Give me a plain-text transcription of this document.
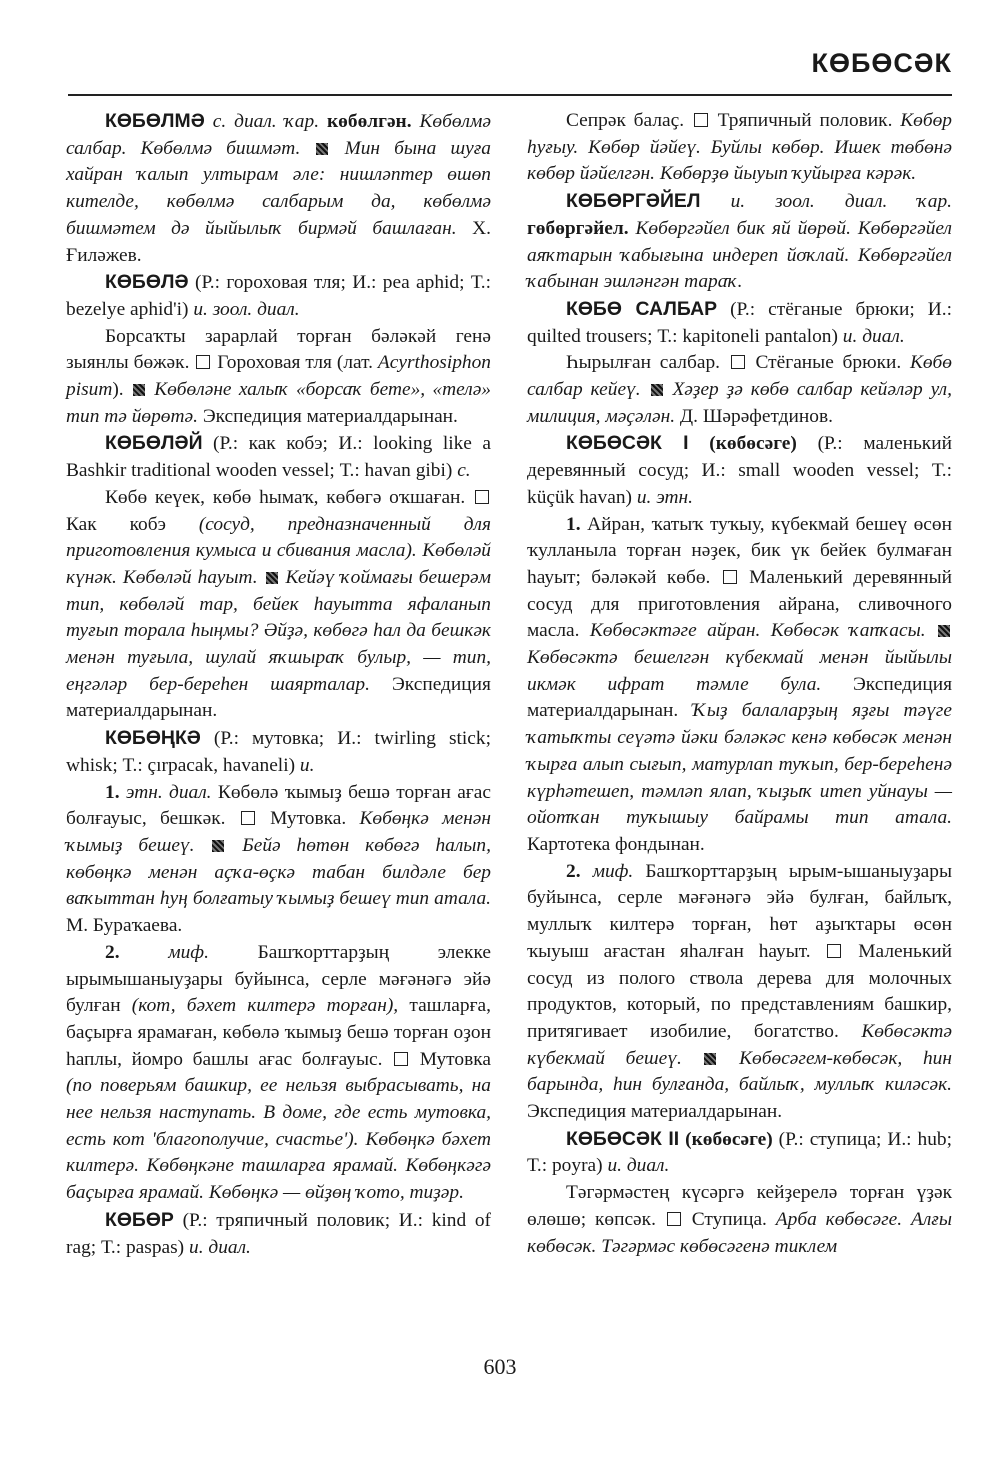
КӨБӨСӘК

КӨБӨЛМӘ с. диал. ҡар. көбөлгән. Көбөлмә салбар. Көбөлмә бишмәт. Мин бына шуға хайран ҡалып ултырам әле: нишләптер өшөп кителде, көбөлмә салбарым да, көбөлмә бишмәтем дә йыйылыҡ бирмәй башлаған. Х. Ғиләжев.

КӨБӨЛӘ (Р.: гороховая тля; И.: pea aphid; Т.: bezelye aphid'i) и. зоол. диал.

Борсаҡты зарарлай торған бәләкәй генә зыянлы бөжәк. Гороховая тля (лат. Acyrthosiphon pisum). Көбөләне халыҡ «борсаҡ бете», «телә» тип тә йөрөтә. Экспедиция материалдарынан.

КӨБӨЛӘЙ (Р.: как кобэ; И.: looking like a Bashkir traditional wooden vessel; Т.: havan gibi) с.

Көбө кеүек, көбө һымаҡ, көбөгә оҡшаған.  Как кобэ (сосуд, предназначенный для приготовления кумыса и сбивания масла). Көбөләй күнәк. Көбөләй һауыт. Кейәү ҡоймағы бешерәм тип, көбөләй тар, бейек һауытта яфаланып туғып торала һыңмы? Әйҙә, көбөгә һал да бешкәк менән туғыла, шулай яҡшыраҡ булыр, — тип, еңгәләр бер-береһен шаярталар. Экспедиция материалдарынан.

КӨБӨҢКӘ (Р.: мутовка; И.: twirling stick; whisk; Т.: çırpacak, havaneli) и.

1. этн. диал. Көбөлә ҡымыҙ бешә торған ағас болғауыс, бешкәк. Мутовка. Көбөңкә менән ҡымыҙ бешеү. Бейә һөтөн көбөгә һалып, көбөңкә менән аҫҡа-өҫкә табан билдәле бер ваҡыттан һуң болғатыу ҡымыҙ бешеү тип атала. М. Бураҡаева.

2.	миф.	Башҡорттарҙың элекке ырымышаныуҙары буйынса, серле мәғәнәгә эйә булған (кот, бәхет килтерә торған), ташларға, баҫырға ярамаған, көбөлә ҡымыҙ бешә торған оҙон һаплы, йомро башлы ағас болғауыс. Мутовка (по поверьям башкир, ее нельзя выбрасывать, на нее нельзя наступать. В доме, где есть мутовка, есть кот 'благополучие, счастье'). Көбөңкә бәхет килтерә. Көбөңкәне ташларға ярамай. Көбөңкәгә баҫырға ярамай. Көбөңкә — өйҙөң ҡото, тиҙәр.

КӨБӨР (Р.: тряпичный половик; И.: kind of rag; Т.: paspas) и. диал.

Сепрәк балаҫ. Тряпичный половик. Көбөр һуғыу. Көбөр йәйеү. Буйлы көбөр. Ишек төбөнә көбөр йәйелгән. Көбөрҙө йыуып ҡуйырға кәрәк.

КӨБӨРГӘЙЕЛ и. зоол. диал. ҡар. гөбөргәйел. Көбөргәйел бик яй йөрөй. Көбөргәйел аяҡтарын ҡабығына индереп йоҡлай. Көбөргәйел ҡабынан эшләнгән тараҡ.

КӨБӨ САЛБАР (Р.: стёганые брюки; И.: quilted trousers; Т.: kapitoneli pantalon) и. диал.

Һырылған салбар. Стёганые брюки. Көбө салбар кейеү. Хәҙер ҙә көбө салбар кейәләр ул, милиция, мәҫәлән. Д. Шәрәфетдинов.

КӨБӨСӘК I (көбөсәге) (Р.: маленький деревянный сосуд; И.: small wooden vessel; Т.: küçük havan) и. этн.

1. Айран, ҡатыҡ туҡыу, күбекмай бешеү өсөн ҡулланыла торған нәҙек, бик үк бейек булмаған һауыт; бәләкәй көбө. Маленький деревянный сосуд для приготовления айрана, сливочного масла. Көбөсәктәге айран. Көбөсәк ҡапҡасы.  Көбөсәктә бешелгән күбекмай менән йыйылы икмәк ифрат тәмле була. Экспедиция материалдарынан. Ҡыҙ балаларҙың яҙғы тәүге ҡатыҡты сеүәтә йәки бәләкәс кенә көбөсәк менән ҡырға алып сығып, матурлап туҡып, бер-береһенә күрһәтешеп, тәмләп ялап, ҡыҙыҡ итеп уйнауы — ойотҡан туҡышыу байрамы тип атала. Картотека фондынан.

2. миф. Башҡорттарҙың ырым-ышаныуҙары буйынса, серле мәғәнәгә эйә булған, байлыҡ, муллыҡ килтерә торған, һөт аҙыҡтары өсөн ҡыуыш ағастан яһалған һауыт. Маленький сосуд из полого ствола дерева для молочных продуктов, который, по представлениям башкир, притягивает изобилие, богатство. Көбөсәктә күбекмай бешеү.	Көбөсәгем-көбөсәк, һин барында, һин булғанда, байлыҡ, муллыҡ киләсәк. Экспедиция материалдарынан.

КӨБӨСӘК II (көбөсәге) (Р.: ступица; И.: hub; Т.: poyra) и. диал.

Тәгәрмәстең күсәргә кейҙерелә торған үҙәк өлөшө; көпсәк. Ступица. Арба көбөсәге. Алғы көбөсәк. Тәгәрмәс көбөсәгенә тиклем

603
